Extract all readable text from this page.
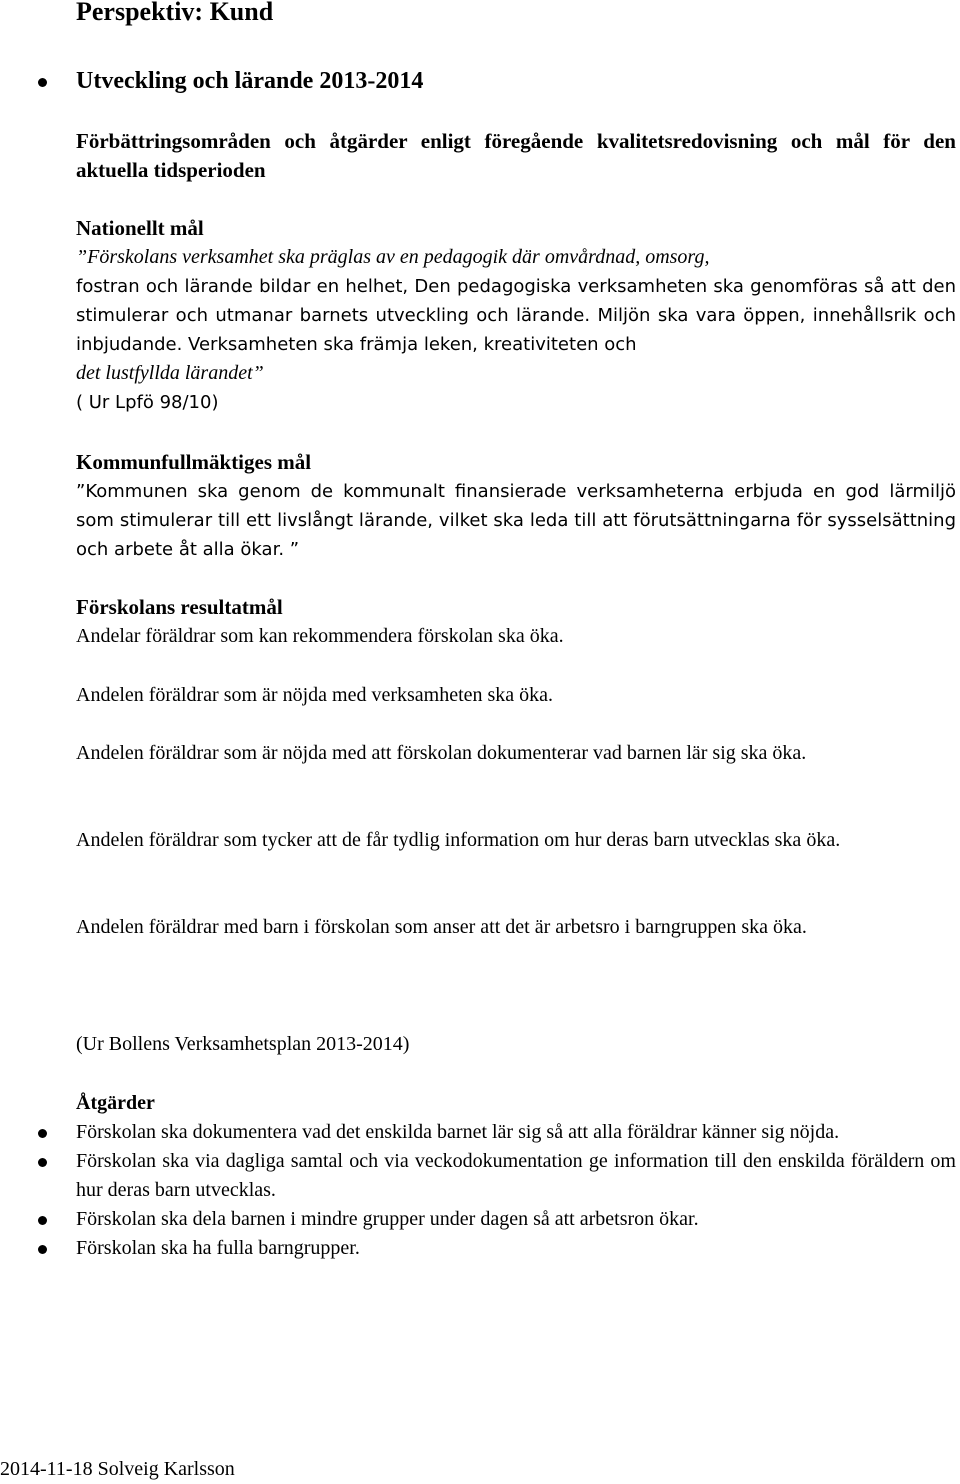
Perspektiv: Kund
Utveckling och lärande 2013-2014

Förbättringsområden och åtgärder enligt föregående kvalitetsredovisning och mål för den aktuella tidsperioden

Nationellt mål
”Förskolans verksamhet ska präglas av en pedagogik där omvårdnad, omsorg,
fostran och lärande bildar en helhet, Den pedagogiska verksamheten ska genomföras så att den stimulerar och utmanar barnets utveckling och lärande. Miljön ska vara öppen, innehållsrik och inbjudande. Verksamheten ska främja leken, kreativiteten och
det lustfyllda lärandet”
( Ur Lpfö 98/10)
Kommunfullmäktiges mål
”Kommunen ska genom de kommunalt finansierade verksamheterna erbjuda en god lärmiljö som stimulerar till ett livslångt lärande, vilket ska leda till att förutsättningarna för sysselsättning och arbete åt alla ökar. ”
Förskolans resultatmål
Andelar föräldrar som kan rekommendera förskolan ska öka.
Andelen föräldrar som är nöjda med verksamheten ska öka.
Andelen föräldrar som är nöjda med att förskolan dokumenterar vad barnen lär sig ska öka.
Andelen föräldrar som tycker att de får tydlig information om hur deras barn utvecklas ska öka.
Andelen föräldrar med barn i förskolan som anser att det är arbetsro i barngruppen ska öka.
(Ur Bollens Verksamhetsplan 2013-2014)
Åtgärder
Förskolan ska dokumentera vad det enskilda barnet lär sig så att alla föräldrar känner sig nöjda.
Förskolan ska via dagliga samtal och via veckodokumentation ge information till den enskilda föräldern om hur deras barn utvecklas.
Förskolan ska dela barnen i mindre grupper under dagen så att arbetsron ökar.
Förskolan ska ha fulla barngrupper.
2014-11-18 Solveig Karlsson
